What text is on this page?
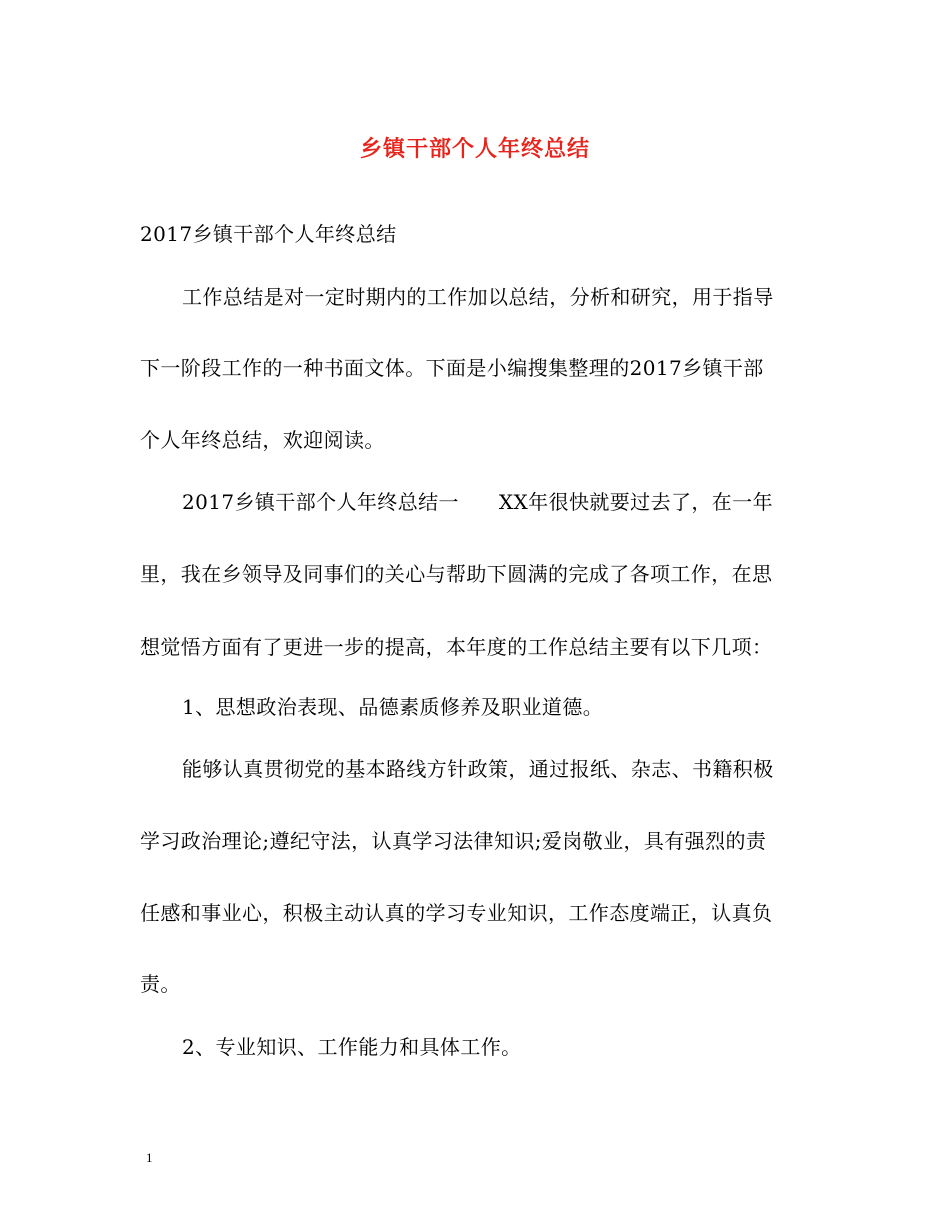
乡镇干部个人年终总结
2017乡镇干部个人年终总结
工作总结是对一定时期内的工作加以总结，分析和研究，用于指导
下一阶段工作的一种书面文体。下面是小编搜集整理的2017乡镇干部
个人年终总结，欢迎阅读。
2017乡镇干部个人年终总结一 XX年很快就要过去了，在一年
里，我在乡领导及同事们的关心与帮助下圆满的完成了各项工作，在思
想觉悟方面有了更进一步的提高，本年度的工作总结主要有以下几项：
1、思想政治表现、品德素质修养及职业道德。
能够认真贯彻党的基本路线方针政策，通过报纸、杂志、书籍积极
学习政治理论;遵纪守法，认真学习法律知识;爱岗敬业，具有强烈的责
任感和事业心，积极主动认真的学习专业知识，工作态度端正，认真负
责。
2、专业知识、工作能力和具体工作。
1
